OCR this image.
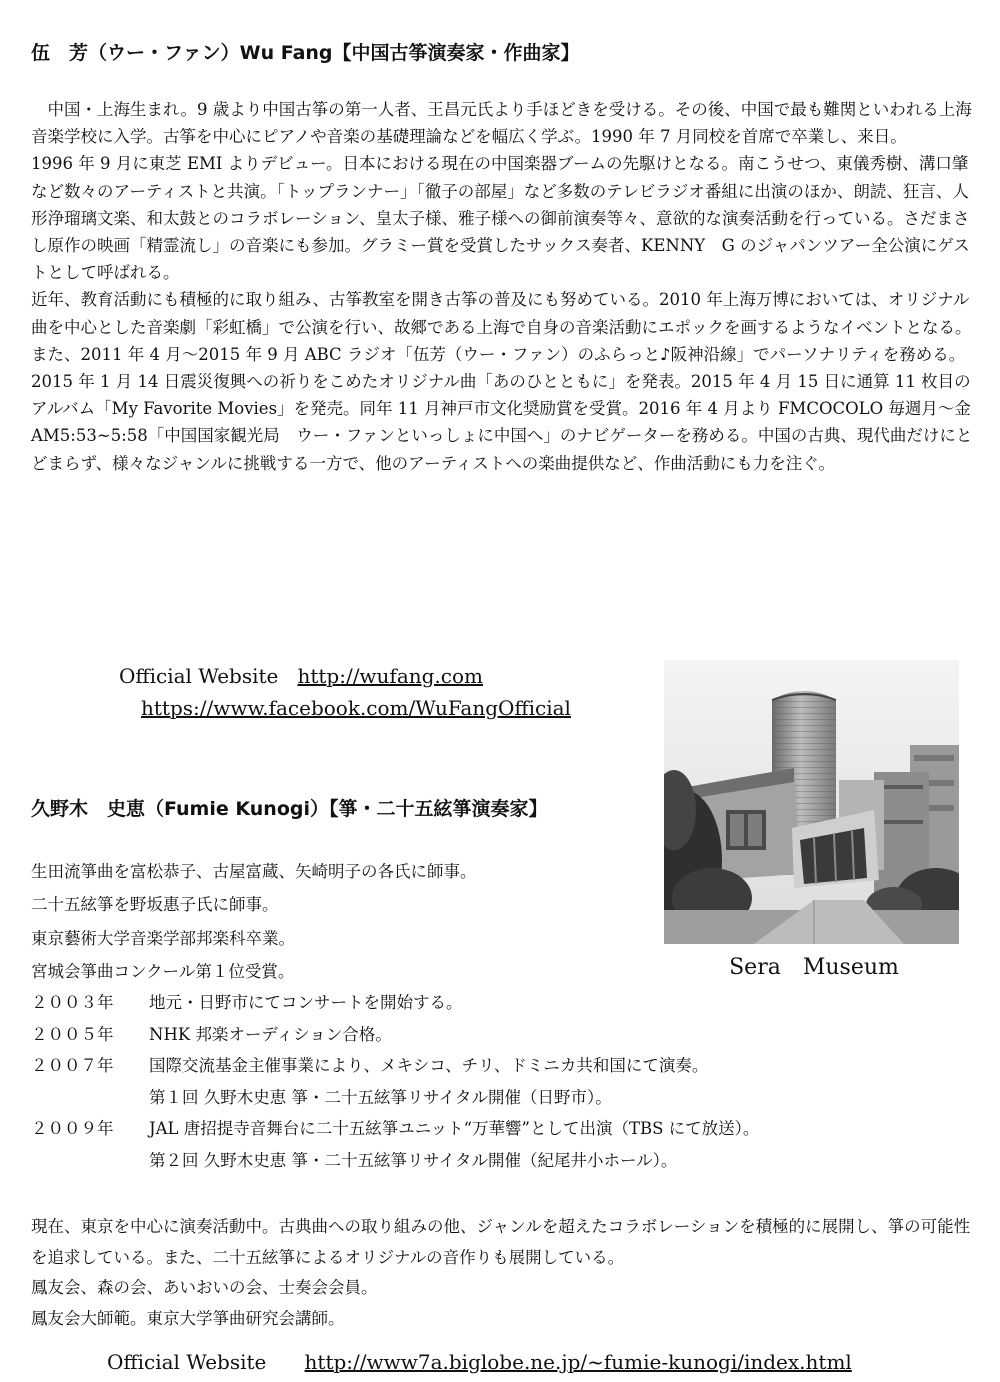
伍　芳（ウー・ファン）Wu Fang【中国古筝演奏家・作曲家】

中国・上海生まれ。9 歳より中国古筝の第一人者、王昌元氏より手ほどきを受ける。その後、中国で最も難関といわれる上海音楽学校に入学。古筝を中心にピアノや音楽の基礎理論などを幅広く学ぶ。1990 年 7 月同校を首席で卒業し、来日。

1996 年 9 月に東芝 EMI よりデビュー。日本における現在の中国楽器ブームの先駆けとなる。南こうせつ、東儀秀樹、溝口肇など数々のアーティストと共演。「トップランナー」「徹子の部屋」など多数のテレビラジオ番組に出演のほか、朗読、狂言、人形浄瑠璃文楽、和太鼓とのコラボレーション、皇太子様、雅子様への御前演奏等々、意欲的な演奏活動を行っている。さだまさし原作の映画「精霊流し」の音楽にも参加。グラミー賞を受賞したサックス奏者、KENNY　G のジャパンツアー全公演にゲストとして呼ばれる。

近年、教育活動にも積極的に取り組み、古筝教室を開き古筝の普及にも努めている。2010 年上海万博においては、オリジナル曲を中心とした音楽劇「彩虹橋」で公演を行い、故郷である上海で自身の音楽活動にエポックを画するようなイベントとなる。

また、2011 年 4 月～2015 年 9 月 ABC ラジオ「伍芳（ウー・ファン）のふらっと♪阪神沿線」でパーソナリティを務める。2015 年 1 月 14 日震災復興への祈りをこめたオリジナル曲「あのひとともに」を発表。2015 年 4 月 15 日に通算 11 枚目のアルバム「My Favorite Movies」を発売。同年 11 月神戸市文化奨励賞を受賞。2016 年 4 月より FMCOCOLO 毎週月～金 AM5:53~5:58「中国国家観光局　ウー・ファンといっしょに中国へ」のナビゲーターを務める。中国の古典、現代曲だけにとどまらず、様々なジャンルに挑戦する一方で、他のアーティストへの楽曲提供など、作曲活動にも力を注ぐ。

Official Website http://wufang.com
https://www.facebook.com/WuFangOfficial
Sera　Museum
久野木　史恵（Fumie Kunogi）【箏・二十五絃箏演奏家】

生田流箏曲を富松恭子、古屋富蔵、矢崎明子の各氏に師事。

二十五絃箏を野坂惠子氏に師事。

東京藝術大学音楽学部邦楽科卒業。

宮城会箏曲コンクール第１位受賞。

２００３年	地元・日野市にてコンサートを開始する。
２００５年	NHK 邦楽オーディション合格。
２００７年	国際交流基金主催事業により、メキシコ、チリ、ドミニカ共和国にて演奏。
第１回 久野木史恵 箏・二十五絃箏リサイタル開催（日野市）。
２００９年	JAL 唐招提寺音舞台に二十五絃箏ユニット“万華響”として出演（TBS にて放送）。
第２回 久野木史恵 箏・二十五絃箏リサイタル開催（紀尾井小ホール）。

現在、東京を中心に演奏活動中。古典曲への取り組みの他、ジャンルを超えたコラボレーションを積極的に展開し、箏の可能性を追求している。また、二十五絃箏によるオリジナルの音作りも展開している。

鳳友会、森の会、あいおいの会、士奏会会員。

鳳友会大師範。東京大学箏曲研究会講師。

Official Website http://www7a.biglobe.ne.jp/~fumie-kunogi/index.html
